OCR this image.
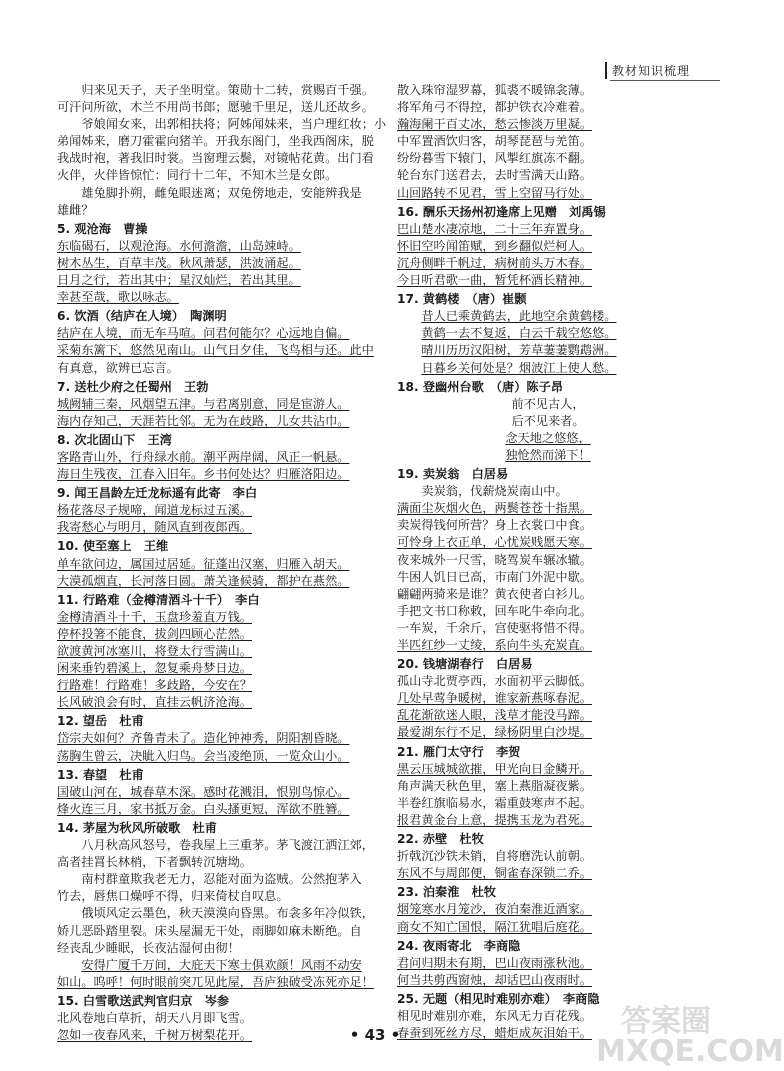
教材知识梳理
归来见天子，天子坐明堂。策勋十二转，赏赐百千强。
可汗问所欲，木兰不用尚书郎；愿驰千里足，送儿还故乡。
爷娘闻女来，出郭相扶将；阿姊闻妹来，当户理红妆；小
弟闻姊来，磨刀霍霍向猪羊。开我东阁门，坐我西阁床，脱
我战时袍，著我旧时裳。当窗理云鬓，对镜帖花黄。出门看
火伴，火伴皆惊忙：同行十二年，不知木兰是女郎。
雄兔脚扑朔，雌兔眼迷离；双兔傍地走，安能辨我是
雄雌？
5. 观沧海　曹操
东临碣石，以观沧海。水何澹澹，山岛竦峙。
树木丛生，百草丰茂。秋风萧瑟，洪波涌起。
日月之行，若出其中；星汉灿烂，若出其里。
幸甚至哉，歌以咏志。
6. 饮酒（结庐在人境）　陶渊明
结庐在人境，而无车马喧。问君何能尔？心远地自偏。
采菊东篱下，悠然见南山。山气日夕佳，飞鸟相与还。此中
有真意，欲辨已忘言。
7. 送杜少府之任蜀州　王勃
城阙辅三秦，风烟望五津。与君离别意，同是宦游人。
海内存知己，天涯若比邻。无为在歧路，儿女共沾巾。
8. 次北固山下　王湾
客路青山外，行舟绿水前。潮平两岸阔，风正一帆悬。
海日生残夜，江春入旧年。乡书何处达？归雁洛阳边。
9. 闻王昌龄左迁龙标遥有此寄　李白
杨花落尽子规啼，闻道龙标过五溪。
我寄愁心与明月，随风直到夜郎西。
10. 使至塞上　王维
单车欲问边，属国过居延。征蓬出汉塞，归雁入胡天。
大漠孤烟直，长河落日圆。萧关逢候骑，都护在燕然。
11. 行路难（金樽清酒斗十千）　李白
金樽清酒斗十千，玉盘珍羞直万钱。
停杯投箸不能食，拔剑四顾心茫然。
欲渡黄河冰塞川，将登太行雪满山。
闲来垂钓碧溪上，忽复乘舟梦日边。
行路难！行路难！多歧路，今安在？
长风破浪会有时，直挂云帆济沧海。
12. 望岳　杜甫
岱宗夫如何？齐鲁青未了。造化钟神秀，阴阳割昏晓。
荡胸生曾云，决眦入归鸟。会当凌绝顶，一览众山小。
13. 春望　杜甫
国破山河在，城春草木深。感时花溅泪，恨别鸟惊心。
烽火连三月，家书抵万金。白头搔更短，浑欲不胜簪。
14. 茅屋为秋风所破歌　杜甫
八月秋高风怒号，卷我屋上三重茅。茅飞渡江洒江郊，
高者挂罥长林梢，下者飘转沉塘坳。
南村群童欺我老无力，忍能对面为盗贼。公然抱茅入
竹去，唇焦口燥呼不得，归来倚杖自叹息。
俄顷风定云墨色，秋天漠漠向昏黑。布衾多年冷似铁，
娇儿恶卧踏里裂。床头屋漏无干处，雨脚如麻未断绝。自
经丧乱少睡眠，长夜沾湿何由彻！
安得广厦千万间，大庇天下寒士俱欢颜！风雨不动安
如山。呜呼！何时眼前突兀见此屋，吾庐独破受冻死亦足！
15. 白雪歌送武判官归京　岑参
北风卷地白草折，胡天八月即飞雪。
忽如一夜春风来，千树万树梨花开。
散入珠帘湿罗幕，狐裘不暖锦衾薄。
将军角弓不得控，都护铁衣冷难着。
瀚海阑干百丈冰，愁云惨淡万里凝。
中军置酒饮归客，胡琴琵琶与羌笛。
纷纷暮雪下辕门，风掣红旗冻不翻。
轮台东门送君去，去时雪满天山路。
山回路转不见君，雪上空留马行处。
16. 酬乐天扬州初逢席上见赠　刘禹锡
巴山楚水凄凉地，二十三年弃置身。
怀旧空吟闻笛赋，到乡翻似烂柯人。
沉舟侧畔千帆过，病树前头万木春。
今日听君歌一曲，暂凭杯酒长精神。
17. 黄鹤楼　（唐）崔颢
昔人已乘黄鹤去，此地空余黄鹤楼。
黄鹤一去不复返，白云千载空悠悠。
晴川历历汉阳树，芳草萋萋鹦鹉洲。
日暮乡关何处是？烟波江上使人愁。
18. 登幽州台歌　（唐）陈子昂
前不见古人，
后不见来者。
念天地之悠悠，
独怆然而涕下！
19. 卖炭翁　白居易
卖炭翁，伐薪烧炭南山中。
满面尘灰烟火色，两鬓苍苍十指黑。
卖炭得钱何所营？身上衣裳口中食。
可怜身上衣正单，心忧炭贱愿天寒。
夜来城外一尺雪，晓驾炭车辗冰辙。
牛困人饥日已高，市南门外泥中歇。
翩翩两骑来是谁？黄衣使者白衫儿。
手把文书口称敕，回车叱牛牵向北。
一车炭，千余斤，宫使驱将惜不得。
半匹红纱一丈绫，系向牛头充炭直。
20. 钱塘湖春行　白居易
孤山寺北贾亭西，水面初平云脚低。
几处早莺争暖树，谁家新燕啄春泥。
乱花渐欲迷人眼，浅草才能没马蹄。
最爱湖东行不足，绿杨阴里白沙堤。
21. 雁门太守行　李贺
黑云压城城欲摧，甲光向日金鳞开。
角声满天秋色里，塞上燕脂凝夜紫。
半卷红旗临易水，霜重鼓寒声不起。
报君黄金台上意，提携玉龙为君死。
22. 赤壁　杜牧
折戟沉沙铁未销，自将磨洗认前朝。
东风不与周郎便，铜雀春深锁二乔。
23. 泊秦淮　杜牧
烟笼寒水月笼沙，夜泊秦淮近酒家。
商女不知亡国恨，隔江犹唱后庭花。
24. 夜雨寄北　李商隐
君问归期未有期，巴山夜雨涨秋池。
何当共剪西窗烛，却话巴山夜雨时。
25. 无题（相见时难别亦难）　李商隐
相见时难别亦难，东风无力百花残。
春蚕到死丝方尽，蜡炬成灰泪始干。
• 43 •	答案圈
MXQE.COM
